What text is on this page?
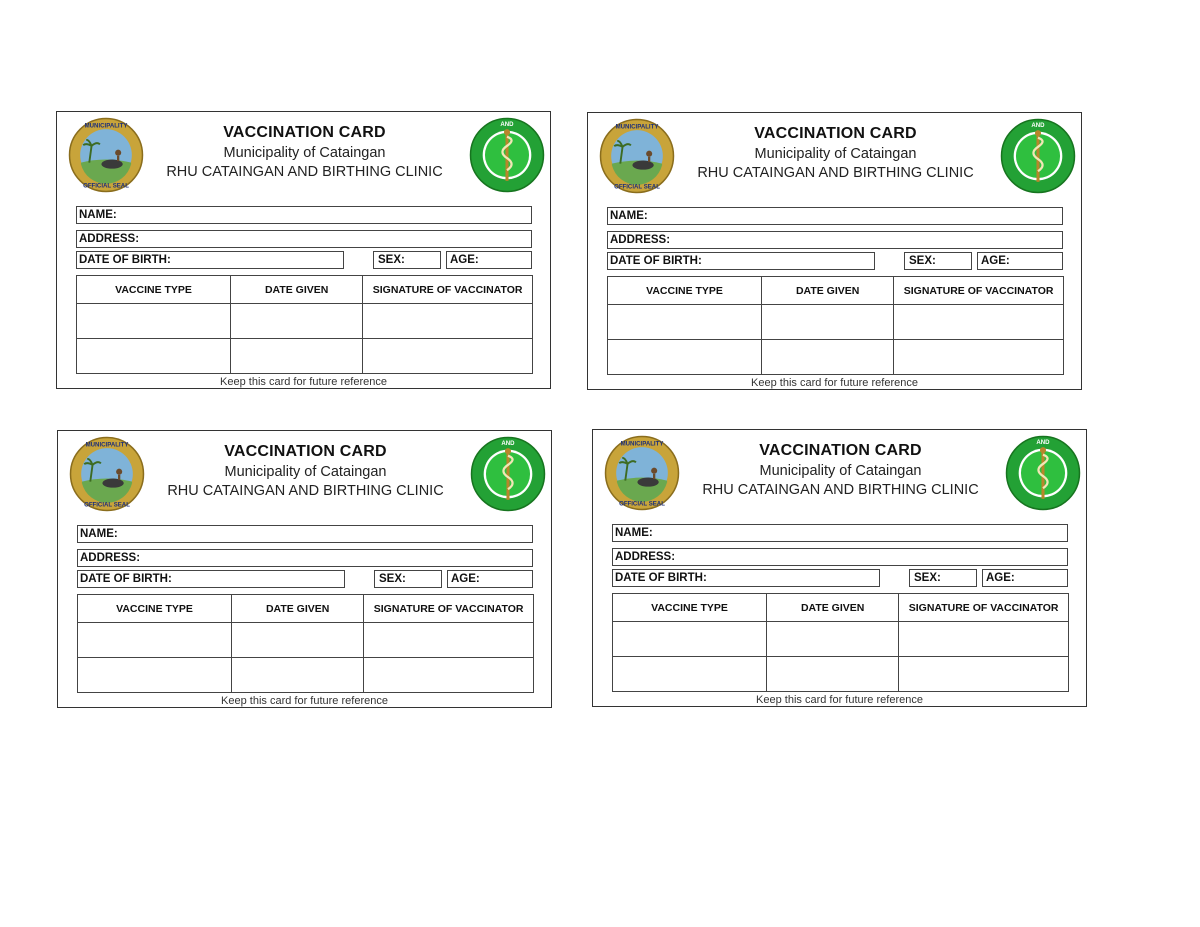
MUNICIPALITY
OFFICIAL SEAL
VACCINATION CARD
Municipality of Cataingan
RHU CATAINGAN AND BIRTHING CLINIC
AND
NAME:
ADDRESS:
DATE OF BIRTH:	SEX:	AGE:
VACCINE TYPE	DATE GIVEN	SIGNATURE OF VACCINATOR

Keep this card for future reference
MUNICIPALITY
OFFICIAL SEAL
VACCINATION CARD
Municipality of Cataingan
RHU CATAINGAN AND BIRTHING CLINIC
AND
NAME:
ADDRESS:
DATE OF BIRTH:	SEX:	AGE:
VACCINE TYPE	DATE GIVEN	SIGNATURE OF VACCINATOR

Keep this card for future reference
MUNICIPALITY
OFFICIAL SEAL
VACCINATION CARD
Municipality of Cataingan
RHU CATAINGAN AND BIRTHING CLINIC
AND
NAME:
ADDRESS:
DATE OF BIRTH:	SEX:	AGE:
VACCINE TYPE	DATE GIVEN	SIGNATURE OF VACCINATOR

Keep this card for future reference
MUNICIPALITY
OFFICIAL SEAL
VACCINATION CARD
Municipality of Cataingan
RHU CATAINGAN AND BIRTHING CLINIC
AND
NAME:
ADDRESS:
DATE OF BIRTH:	SEX:	AGE:
VACCINE TYPE	DATE GIVEN	SIGNATURE OF VACCINATOR

Keep this card for future reference
